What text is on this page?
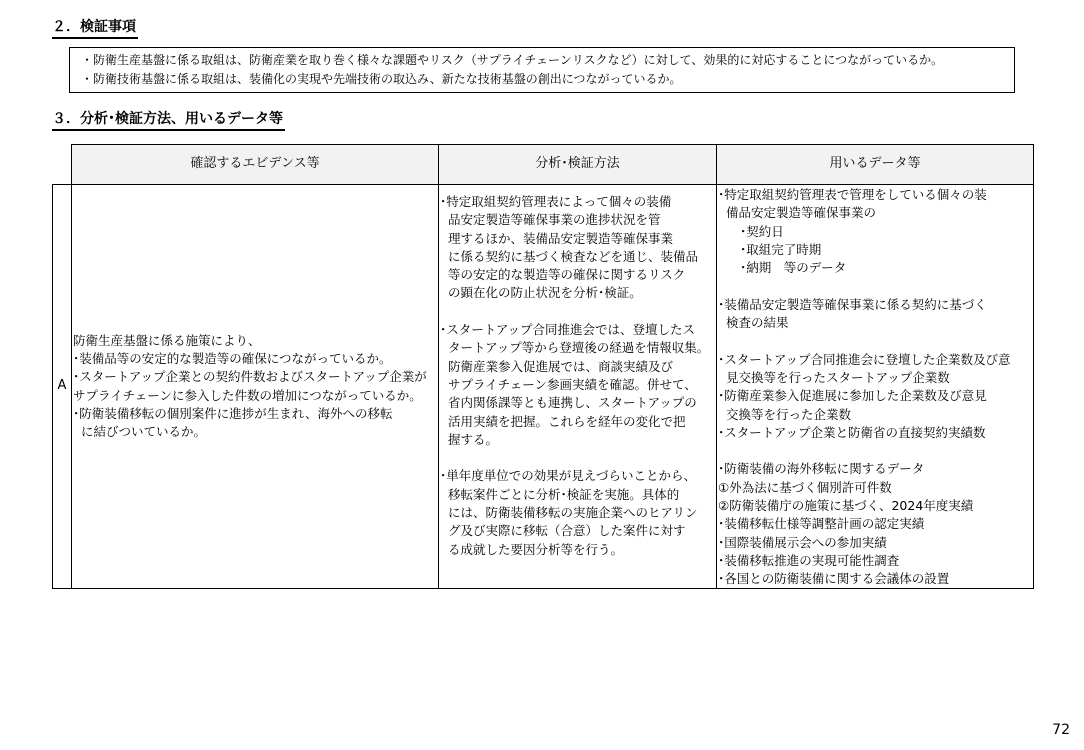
２．検証事項
・防衛生産基盤に係る取組は、防衛産業を取り巻く様々な課題やリスク（サプライチェーンリスクなど）に対して、効果的に対応することにつながっているか。
・防衛技術基盤に係る取組は、装備化の実現や先端技術の取込み、新たな技術基盤の創出につながっているか。
３．分析･検証方法、用いるデータ等
確認するエビデンス等	分析･検証方法	用いるデータ等
A
防衛生産基盤に係る施策により、
･装備品等の安定的な製造等の確保につながっているか。
･スタートアップ企業との契約件数およびスタートアップ企業が
サプライチェーンに参入した件数の増加につながっているか。
･防衛装備移転の個別案件に進捗が生まれ、海外への移転
に結びついているか。
･特定取組契約管理表によって個々の装備
品安定製造等確保事業の進捗状況を管
理するほか、装備品安定製造等確保事業
に係る契約に基づく検査などを通じ、装備品
等の安定的な製造等の確保に関するリスク
の顕在化の防止状況を分析･検証。
･スタートアップ合同推進会では、登壇したス
タートアップ等から登壇後の経過を情報収集。
防衛産業参入促進展では、商談実績及び
サプライチェーン参画実績を確認。併せて、
省内関係課等とも連携し、スタートアップの
活用実績を把握。これらを経年の変化で把
握する。
･単年度単位での効果が見えづらいことから、
移転案件ごとに分析･検証を実施。具体的
には、防衛装備移転の実施企業へのヒアリン
グ及び実際に移転（合意）した案件に対す
る成就した要因分析等を行う。
･特定取組契約管理表で管理をしている個々の装
備品安定製造等確保事業の
･契約日
･取組完了時期
･納期　等のデータ
･装備品安定製造等確保事業に係る契約に基づく
検査の結果
･スタートアップ合同推進会に登壇した企業数及び意
見交換等を行ったスタートアップ企業数
･防衛産業参入促進展に参加した企業数及び意見
交換等を行った企業数
･スタートアップ企業と防衛省の直接契約実績数
･防衛装備の海外移転に関するデータ
①外為法に基づく個別許可件数
②防衛装備庁の施策に基づく、2024年度実績
･装備移転仕様等調整計画の認定実績
･国際装備展示会への参加実績
･装備移転推進の実現可能性調査
･各国との防衛装備に関する会議体の設置
72
